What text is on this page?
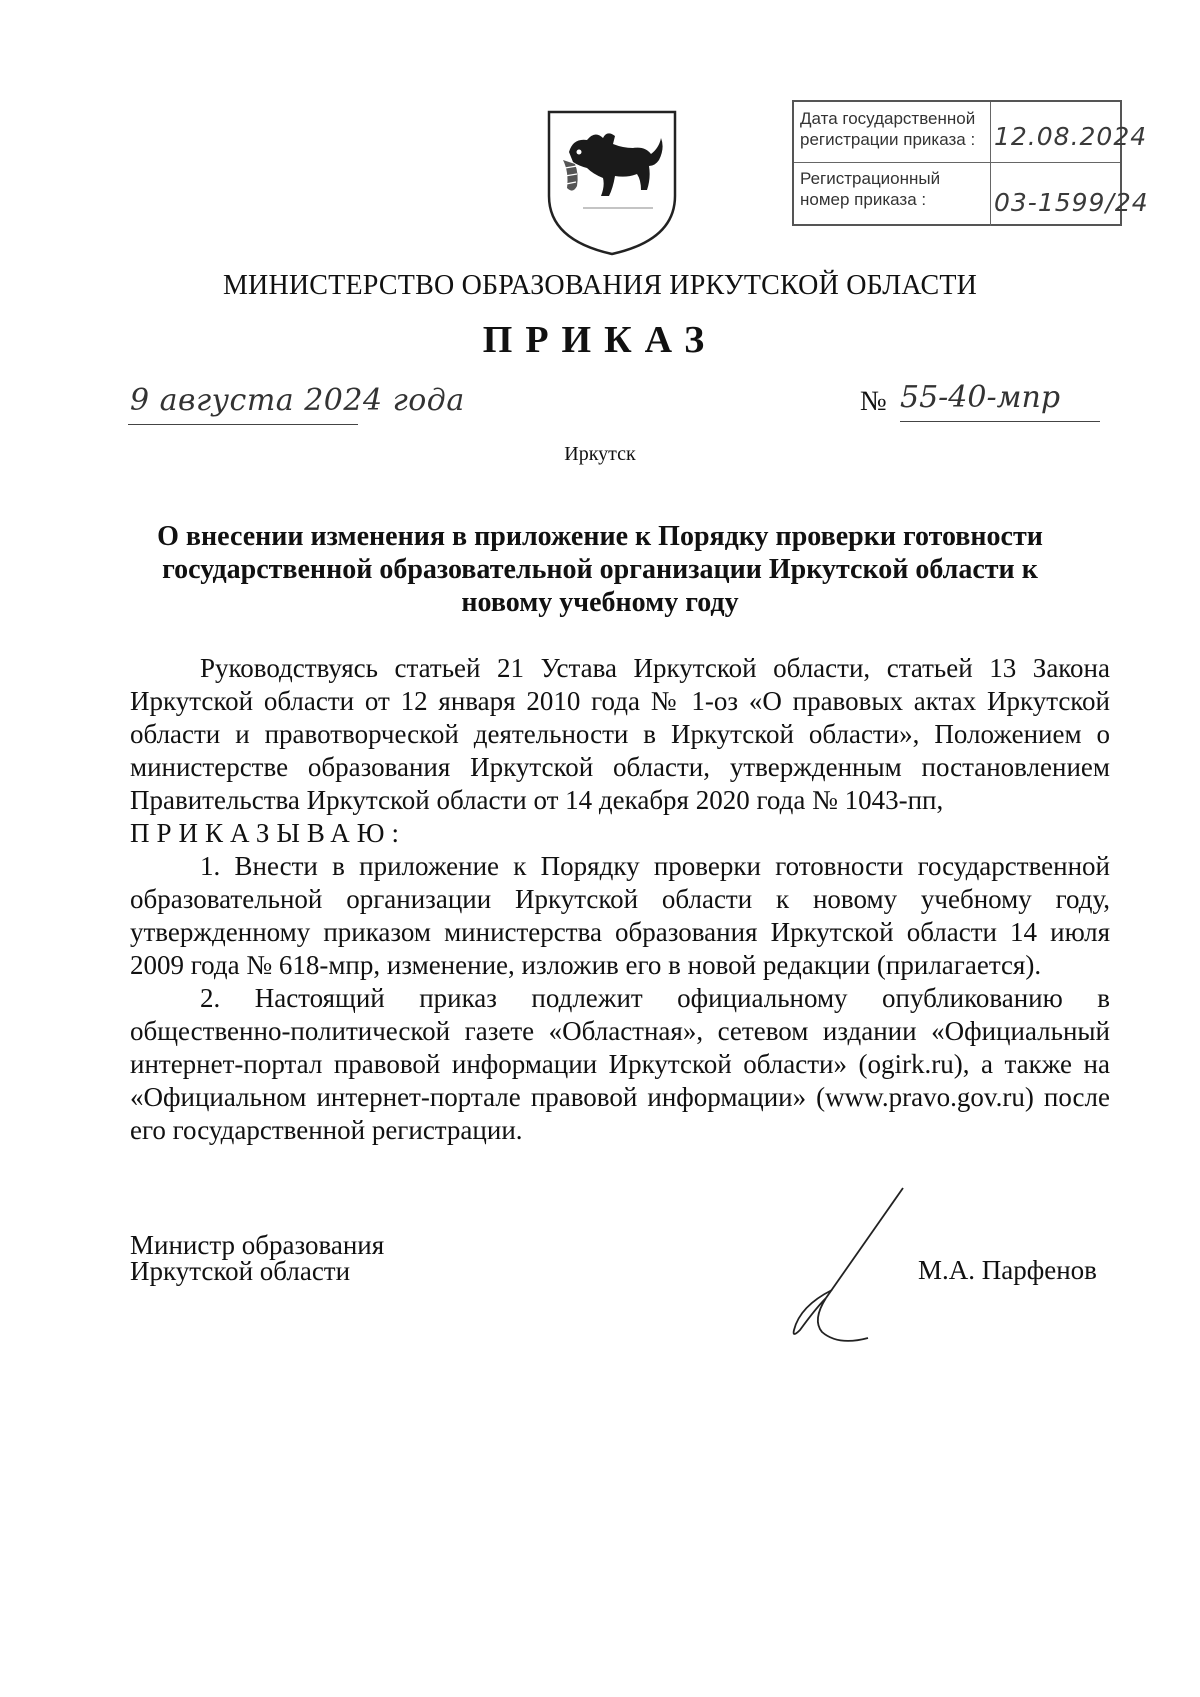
Дата государственной регистрации приказа : 12.08.2024
Регистрационный номер приказа :	03-1599/24
МИНИСТЕРСТВО ОБРАЗОВАНИЯ ИРКУТСКОЙ ОБЛАСТИ
ПРИКАЗ
9 августа 2024 года	№ 55-40-мпр
Иркутск
О внесении изменения в приложение к Порядку проверки готовности государственной образовательной организации Иркутской области к новому учебному году

Руководствуясь статьей 21 Устава Иркутской области, статьей 13 Закона Иркутской области от 12 января 2010 года № 1-оз «О правовых актах Иркутской области и правотворческой деятельности в Иркутской области», Положением о министерстве образования Иркутской области, утвержденным постановлением Правительства Иркутской области от 14 декабря 2020 года № 1043-пп,

ПРИКАЗЫВАЮ:

1. Внести в приложение к Порядку проверки готовности государственной образовательной организации Иркутской области к новому учебному году, утвержденному приказом министерства образования Иркутской области 14 июля 2009 года № 618-мпр, изменение, изложив его в новой редакции (прилагается).

2. Настоящий приказ подлежит официальному опубликованию в общественно-политической газете «Областная», сетевом издании «Официальный интернет-портал правовой информации Иркутской области» (ogirk.ru), а также на «Официальном интернет-портале правовой информации» (www.pravo.gov.ru) после его государственной регистрации.

Министр образования
Иркутской области	М.А. Парфенов
